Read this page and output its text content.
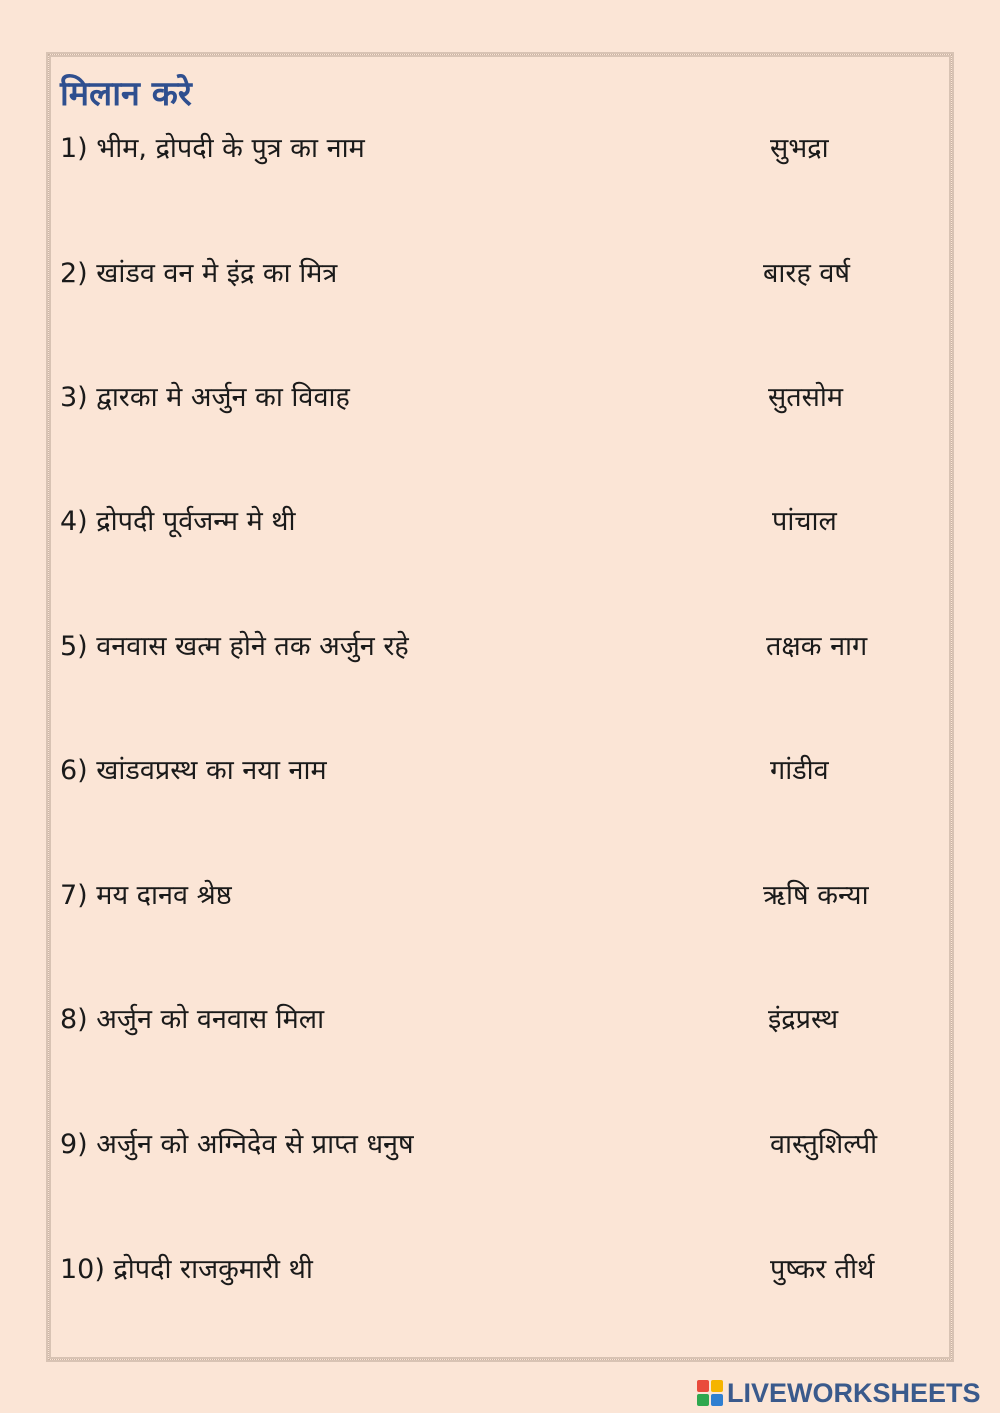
मिलान करे
1) भीम, द्रोपदी के पुत्र का नाम	सुभद्रा
2) खांडव वन मे इंद्र का मित्र	बारह वर्ष
3) द्वारका मे अर्जुन का विवाह	सुतसोम
4) द्रोपदी पूर्वजन्म मे थी	पांचाल
5) वनवास खत्म होने तक अर्जुन रहे	तक्षक नाग
6) खांडवप्रस्थ का नया नाम	गांडीव
7) मय दानव श्रेष्ठ	ऋषि कन्या
8) अर्जुन को वनवास मिला	इंद्रप्रस्थ
9) अर्जुन को अग्निदेव से प्राप्त धनुष	वास्तुशिल्पी
10) द्रोपदी राजकुमारी थी	पुष्कर तीर्थ
LIVEWORKSHEETS
